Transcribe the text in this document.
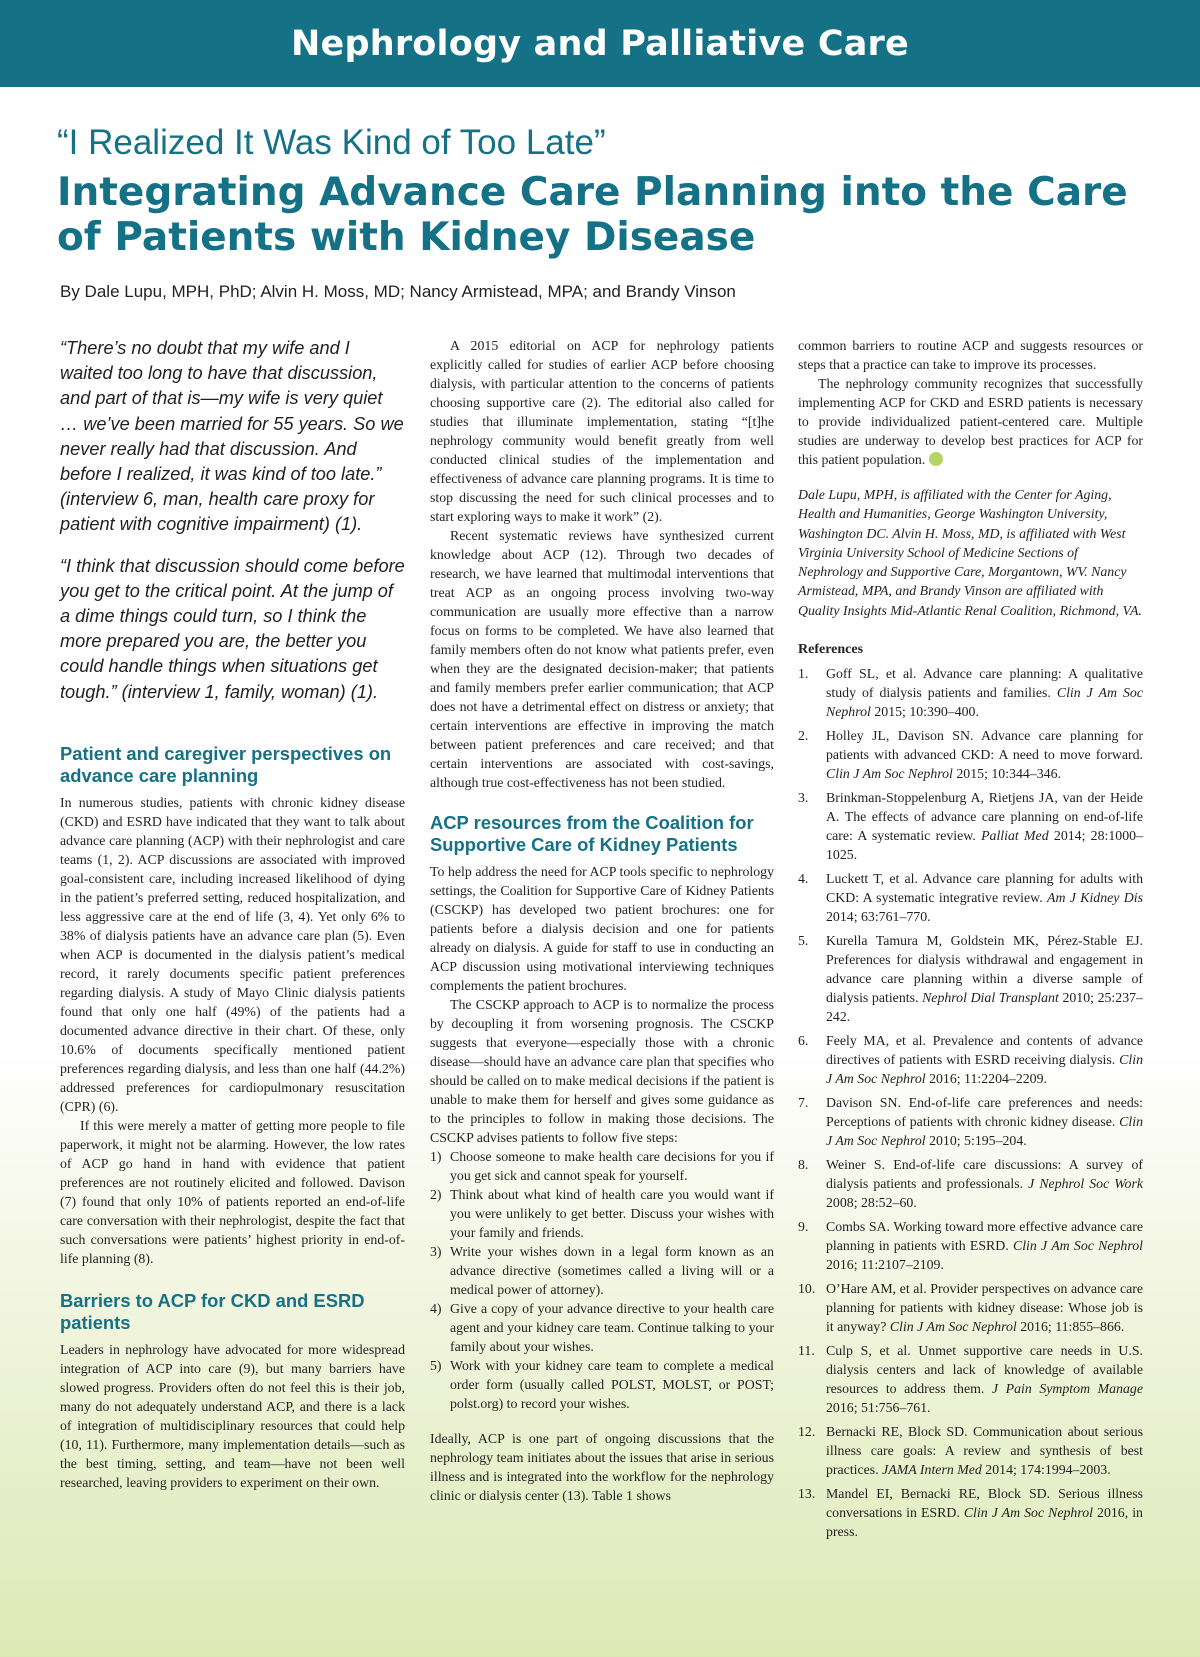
Nephrology and Palliative Care
“I Realized It Was Kind of Too Late”
Integrating Advance Care Planning into the Care of Patients with Kidney Disease
By Dale Lupu, MPH, PhD; Alvin H. Moss, MD; Nancy Armistead, MPA; and Brandy Vinson

“There’s no doubt that my wife and I waited too long to have that discussion, and part of that is—my wife is very quiet … we’ve been married for 55 years. So we never really had that discussion. And before I realized, it was kind of too late.” (interview 6, man, health care proxy for patient with cognitive impairment) (1).

“I think that discussion should come before you get to the critical point. At the jump of a dime things could turn, so I think the more prepared you are, the better you could handle things when situations get tough.” (interview 1, family, woman) (1).

Patient and caregiver perspectives on advance care planning

In numerous studies, patients with chronic kidney disease (CKD) and ESRD have indicated that they want to talk about advance care planning (ACP) with their nephrologist and care teams (1, 2). ACP discussions are associated with improved goal-consistent care, including increased likelihood of dying in the patient’s preferred setting, reduced hospitalization, and less aggressive care at the end of life (3, 4). Yet only 6% to 38% of dialysis patients have an advance care plan (5). Even when ACP is documented in the dialysis patient’s medical record, it rarely documents specific patient preferences regarding dialysis. A study of Mayo Clinic dialysis patients found that only one half (49%) of the patients had a documented advance directive in their chart. Of these, only 10.6% of documents specifically mentioned patient preferences regarding dialysis, and less than one half (44.2%) addressed preferences for cardiopulmonary resuscitation (CPR) (6).

If this were merely a matter of getting more people to file paperwork, it might not be alarming. However, the low rates of ACP go hand in hand with evidence that patient preferences are not routinely elicited and followed. Davison (7) found that only 10% of patients reported an end-of-life care conversation with their nephrologist, despite the fact that such conversations were patients’ highest priority in end-of-life planning (8).

Barriers to ACP for CKD and ESRD patients

Leaders in nephrology have advocated for more widespread integration of ACP into care (9), but many barriers have slowed progress. Providers often do not feel this is their job, many do not adequately understand ACP, and there is a lack of integration of multidisciplinary resources that could help (10, 11). Furthermore, many implementation details—such as the best timing, setting, and team—have not been well researched, leaving providers to experiment on their own.

A 2015 editorial on ACP for nephrology patients explicitly called for studies of earlier ACP before choosing dialysis, with particular attention to the concerns of patients choosing supportive care (2). The editorial also called for studies that illuminate implementation, stating “[t]he nephrology community would benefit greatly from well conducted clinical studies of the implementation and effectiveness of advance care planning programs. It is time to stop discussing the need for such clinical processes and to start exploring ways to make it work” (2).

Recent systematic reviews have synthesized current knowledge about ACP (12). Through two decades of research, we have learned that multimodal interventions that treat ACP as an ongoing process involving two-way communication are usually more effective than a narrow focus on forms to be completed. We have also learned that family members often do not know what patients prefer, even when they are the designated decision-maker; that patients and family members prefer earlier communication; that ACP does not have a detrimental effect on distress or anxiety; that certain interventions are effective in improving the match between patient preferences and care received; and that certain interventions are associated with cost-savings, although true cost-effectiveness has not been studied.

ACP resources from the Coalition for Supportive Care of Kidney Patients

To help address the need for ACP tools specific to nephrology settings, the Coalition for Supportive Care of Kidney Patients (CSCKP) has developed two patient brochures: one for patients before a dialysis decision and one for patients already on dialysis. A guide for staff to use in conducting an ACP discussion using motivational interviewing techniques complements the patient brochures.

The CSCKP approach to ACP is to normalize the process by decoupling it from worsening prognosis. The CSCKP suggests that everyone—especially those with a chronic disease—should have an advance care plan that specifies who should be called on to make medical decisions if the patient is unable to make them for herself and gives some guidance as to the principles to follow in making those decisions. The CSCKP advises patients to follow five steps:

1) Choose someone to make health care decisions for you if you get sick and cannot speak for yourself.
2) Think about what kind of health care you would want if you were unlikely to get better. Discuss your wishes with your family and friends.
3) Write your wishes down in a legal form known as an advance directive (sometimes called a living will or a medical power of attorney).
4) Give a copy of your advance directive to your health care agent and your kidney care team. Continue talking to your family about your wishes.
5) Work with your kidney care team to complete a medical order form (usually called POLST, MOLST, or POST; polst.org) to record your wishes.

Ideally, ACP is one part of ongoing discussions that the nephrology team initiates about the issues that arise in serious illness and is integrated into the workflow for the nephrology clinic or dialysis center (13). Table 1 shows

common barriers to routine ACP and suggests resources or steps that a practice can take to improve its processes.

The nephrology community recognizes that successfully implementing ACP for CKD and ESRD patients is necessary to provide individualized patient-centered care. Multiple studies are underway to develop best practices for ACP for this patient population.

Dale Lupu, MPH, is affiliated with the Center for Aging, Health and Humanities, George Washington University, Washington DC. Alvin H. Moss, MD, is affiliated with West Virginia University School of Medicine Sections of Nephrology and Supportive Care, Morgantown, WV. Nancy Armistead, MPA, and Brandy Vinson are affiliated with Quality Insights Mid-Atlantic Renal Coalition, Richmond, VA.

References
1. Goff SL, et al. Advance care planning: A qualitative study of dialysis patients and families. Clin J Am Soc Nephrol 2015; 10:390–400.
2. Holley JL, Davison SN. Advance care planning for patients with advanced CKD: A need to move forward. Clin J Am Soc Nephrol 2015; 10:344–346.
3. Brinkman-Stoppelenburg A, Rietjens JA, van der Heide A. The effects of advance care planning on end-of-life care: A systematic review. Palliat Med 2014; 28:1000–1025.
4. Luckett T, et al. Advance care planning for adults with CKD: A systematic integrative review. Am J Kidney Dis 2014; 63:761–770.
5. Kurella Tamura M, Goldstein MK, Pérez-Stable EJ. Preferences for dialysis withdrawal and engagement in advance care planning within a diverse sample of dialysis patients. Nephrol Dial Transplant 2010; 25:237–242.
6. Feely MA, et al. Prevalence and contents of advance directives of patients with ESRD receiving dialysis. Clin J Am Soc Nephrol 2016; 11:2204–2209.
7. Davison SN. End-of-life care preferences and needs: Perceptions of patients with chronic kidney disease. Clin J Am Soc Nephrol 2010; 5:195–204.
8. Weiner S. End-of-life care discussions: A survey of dialysis patients and professionals. J Nephrol Soc Work 2008; 28:52–60.
9. Combs SA. Working toward more effective advance care planning in patients with ESRD. Clin J Am Soc Nephrol 2016; 11:2107–2109.
10. O’Hare AM, et al. Provider perspectives on advance care planning for patients with kidney disease: Whose job is it anyway? Clin J Am Soc Nephrol 2016; 11:855–866.
11. Culp S, et al. Unmet supportive care needs in U.S. dialysis centers and lack of knowledge of available resources to address them. J Pain Symptom Manage 2016; 51:756–761.
12. Bernacki RE, Block SD. Communication about serious illness care goals: A review and synthesis of best practices. JAMA Intern Med 2014; 174:1994–2003.
13. Mandel EI, Bernacki RE, Block SD. Serious illness conversations in ESRD. Clin J Am Soc Nephrol 2016, in press.
